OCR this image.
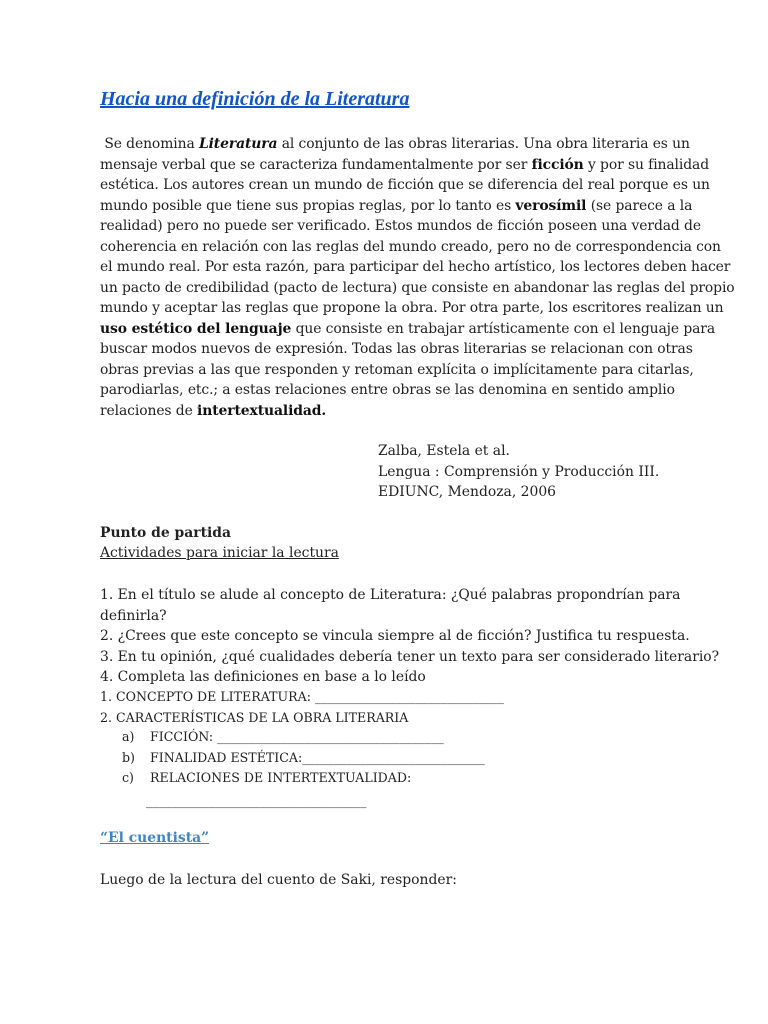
Hacia una definición de la Literatura
Se denomina Literatura al conjunto de las obras literarias. Una obra literaria es un
mensaje verbal que se caracteriza fundamentalmente por ser ficción y por su finalidad
estética. Los autores crean un mundo de ficción que se diferencia del real porque es un
mundo posible que tiene sus propias reglas, por lo tanto es verosímil (se parece a la
realidad) pero no puede ser verificado. Estos mundos de ficción poseen una verdad de
coherencia en relación con las reglas del mundo creado, pero no de correspondencia con
el mundo real. Por esta razón, para participar del hecho artístico, los lectores deben hacer
un pacto de credibilidad (pacto de lectura) que consiste en abandonar las reglas del propio
mundo y aceptar las reglas que propone la obra. Por otra parte, los escritores realizan un
uso estético del lenguaje que consiste en trabajar artísticamente con el lenguaje para
buscar modos nuevos de expresión. Todas las obras literarias se relacionan con otras
obras previas a las que responden y retoman explícita o implícitamente para citarlas,
parodiarlas, etc.; a estas relaciones entre obras se las denomina en sentido amplio
relaciones de intertextualidad.
Zalba, Estela et al.
Lengua : Comprensión y Producción III.
EDIUNC, Mendoza, 2006
Punto de partida
Actividades para iniciar la lectura
1. En el título se alude al concepto de Literatura: ¿Qué palabras propondrían para
definirla?
2. ¿Crees que este concepto se vincula siempre al de ficción? Justifica tu respuesta.
3. En tu opinión, ¿qué cualidades debería tener un texto para ser considerado literario?
4. Completa las definiciones en base a lo leído
1. CONCEPTO DE LITERATURA: ______________________________
2. CARACTERÍSTICAS DE LA OBRA LITERARIA
a) FICCIÓN: ____________________________________
b) FINALIDAD ESTÉTICA:_____________________________
c) RELACIONES DE INTERTEXTUALIDAD:
___________________________________
“El cuentista”
Luego de la lectura del cuento de Saki, responder:
